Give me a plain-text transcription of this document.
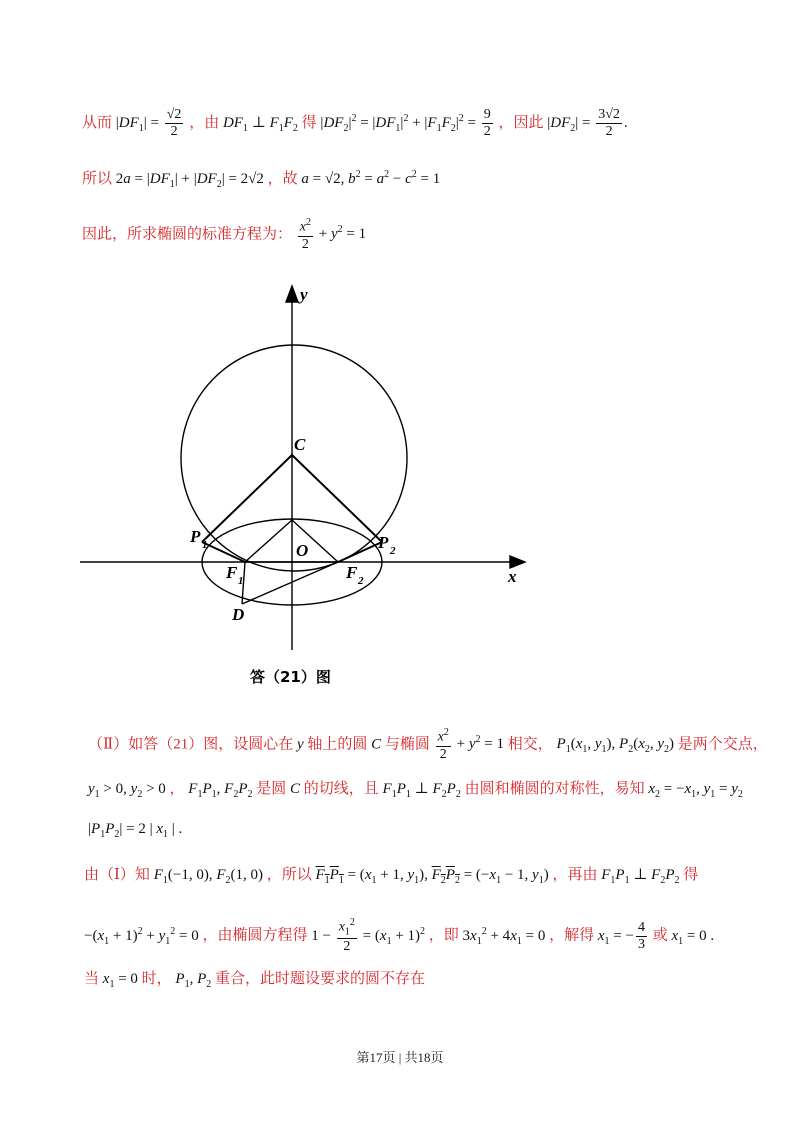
从而 $|DF_1| = \frac{√2}{2}$ ，由 $DF_1$ ⊥ $F_1F_2$ 得 $|DF_2|^2 = |DF_1|^2 + |F_1F_2|^2 = \frac{9}{2}$ ，因此 $|DF_2| = \frac{3√2}{2}$ .
所以 $2a = |DF_1| + |DF_2| = 2√2$ ，故 a = √2, $b^2 = a^2 - c^2 = 1$
因此，所求椭圆的标准方程为： $\frac{x^2}{2} + y^2 = 1$
y
x
C
O
P 1	P 2
F 1	F 2
D
答（21）图
（Ⅱ）如答（21）图，设圆心在 y 轴上的圆 C 与椭圆 $\frac{x^2}{2} + y^2 = 1$ 相交， $P_1(x_1$, $y_1$), $P_2(x_2$, $y_2$) 是两个交点，
$y_1 > 0$, $y_2 > 0$ ， $F_1P_1$, $F_2P_2$ 是圆 C 的切线，且 $F_1P_1$ ⊥ $F_2P_2$ 由圆和椭圆的对称性，易知 $x_2 = -x_1$, $y_1 = y_2$
$|P_1P_2| = 2$ | $x_1$ | .
由（Ⅰ）知 $F_1(-1$, 0), $F_2(1$, 0) ，所以 $F_1P_1 = (x_1 + 1$, $y_1$), $F_2P_2 = (-x_1 - 1$, $y_1$) ，再由 $F_1P_1$ ⊥ $F_2P_2$ 得
$-(x_1 + 1)^2 + y_1^2 = 0$ ，由椭圆方程得 $1 - \frac{x_1^2}{2} = (x_1 + 1)^2$ ，即 $3x_1^2 + 4x_1 = 0$ ，解得 $x_1$ = − $\frac{4}{3}$ 或 $x_1 = 0$ .
当 $x_1 = 0$ 时， $P_1$, $P_2$ 重合，此时题设要求的圆不存在
第17页 | 共18页
